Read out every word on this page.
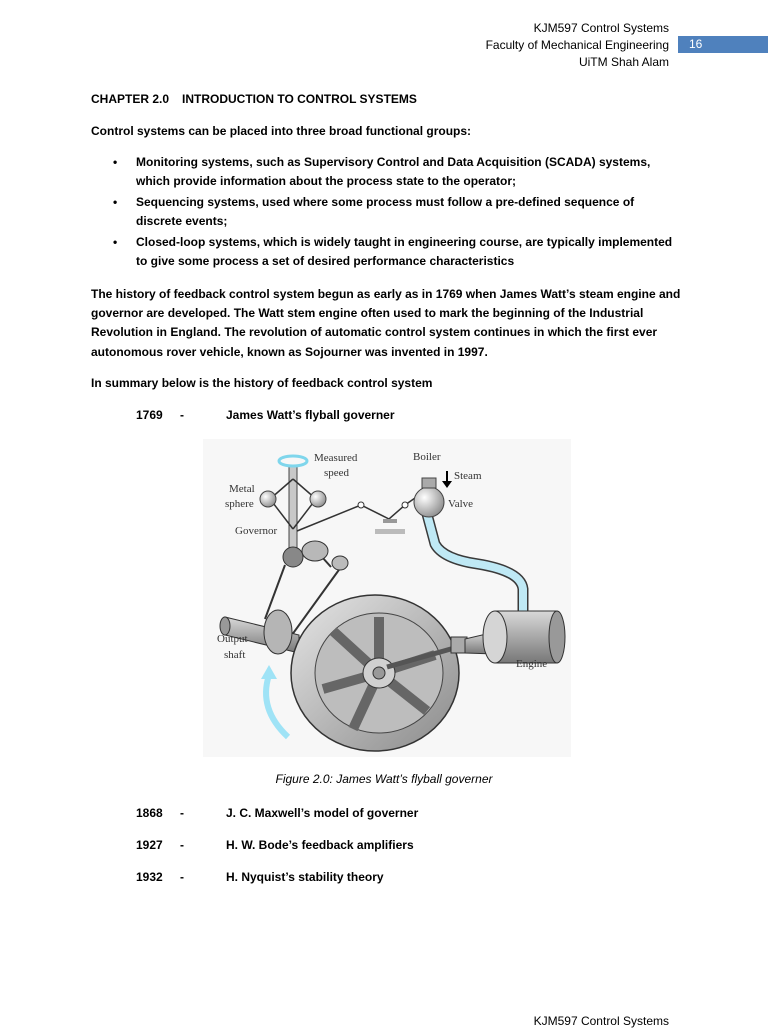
KJM597 Control Systems
Faculty of Mechanical Engineering	16
UiTM Shah Alam
CHAPTER 2.0 INTRODUCTION TO CONTROL SYSTEMS
Control systems can be placed into three broad functional groups:
• Monitoring systems, such as Supervisory Control and Data Acquisition (SCADA) systems, which provide information about the process state to the operator;
• Sequencing systems, used where some process must follow a pre-defined sequence of discrete events;
• Closed-loop systems, which is widely taught in engineering course, are typically implemented to give some process a set of desired performance characteristics
The history of feedback control system begun as early as in 1769 when James Watt’s steam engine and governor are developed. The Watt stem engine often used to mark the beginning of the Industrial Revolution in England. The revolution of automatic control system continues in which the first ever autonomous rover vehicle, known as Sojourner was invented in 1997.
In summary below is the history of feedback control system
1769 -	James Watt’s flyball governer
Measured
speed
Boiler
Steam
Metal
sphere	Valve
Governor
Output
shaft
Engine
Figure 2.0: James Watt’s flyball governer
1868 -	J. C. Maxwell’s model of governer
1927 -	H. W. Bode’s feedback amplifiers
1932 -	H. Nyquist’s stability theory
KJM597 Control Systems
